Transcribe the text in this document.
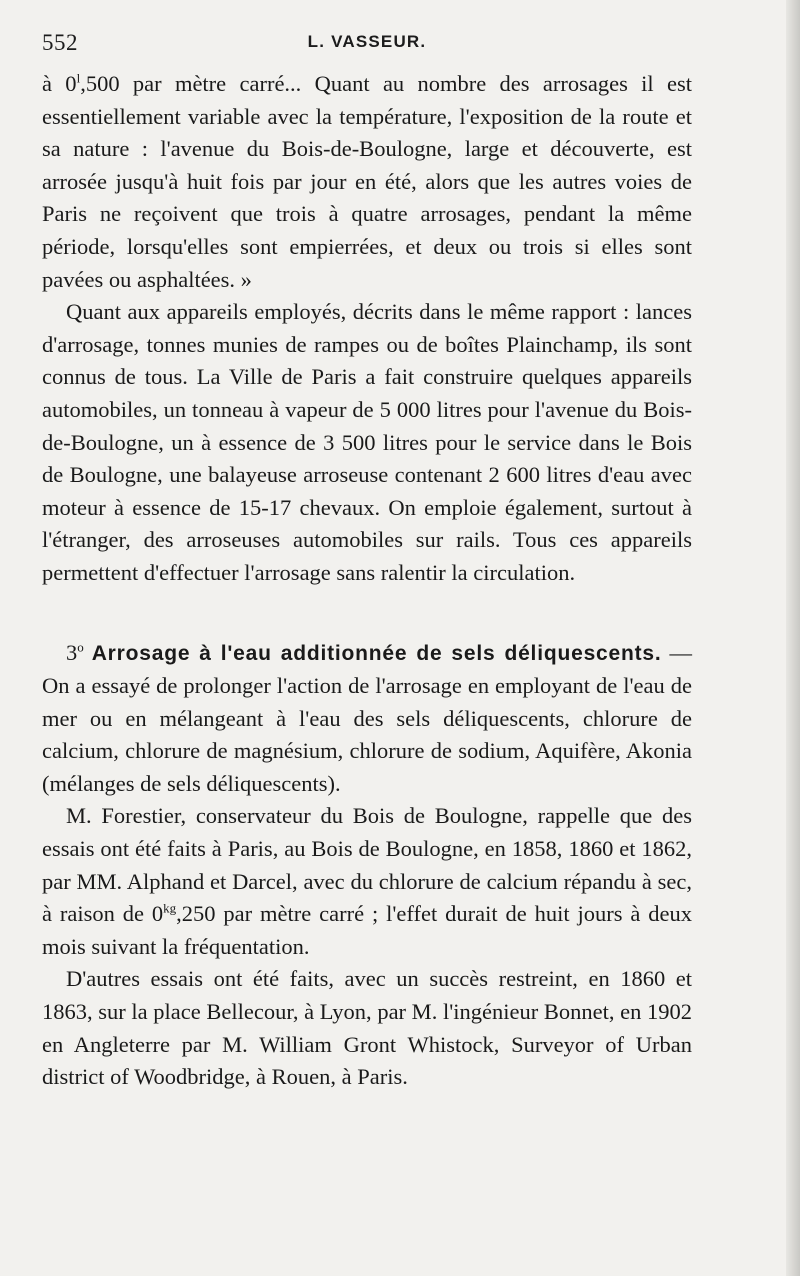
552	L. VASSEUR.

à 0$^l$,500 par mètre carré... Quant au nombre des arrosages il est essentiellement variable avec la température, l'exposition de la route et sa nature : l'avenue du Bois-de-Boulogne, large et découverte, est arrosée jusqu'à huit fois par jour en été, alors que les autres voies de Paris ne reçoivent que trois à quatre arrosages, pendant la même période, lorsqu'elles sont empierrées, et deux ou trois si elles sont pavées ou asphaltées. »

Quant aux appareils employés, décrits dans le même rapport : lances d'arrosage, tonnes munies de rampes ou de boîtes Plainchamp, ils sont connus de tous. La Ville de Paris a fait construire quelques appareils automobiles, un tonneau à vapeur de 5 000 litres pour l'avenue du Bois-de-Boulogne, un à essence de 3 500 litres pour le service dans le Bois de Boulogne, une balayeuse arroseuse contenant 2 600 litres d'eau avec moteur à essence de 15-17 chevaux. On emploie également, surtout à l'étranger, des arroseuses automobiles sur rails. Tous ces appareils permettent d'effectuer l'arrosage sans ralentir la circulation.

3$^o$ Arrosage à l'eau additionnée de sels déliquescents. — On a essayé de prolonger l'action de l'arrosage en employant de l'eau de mer ou en mélangeant à l'eau des sels déliquescents, chlorure de calcium, chlorure de magnésium, chlorure de sodium, Aquifère, Akonia (mélanges de sels déliquescents).

M. Forestier, conservateur du Bois de Boulogne, rappelle que des essais ont été faits à Paris, au Bois de Boulogne, en 1858, 1860 et 1862, par MM. Alphand et Darcel, avec du chlorure de calcium répandu à sec, à raison de $0^{kg},250$ par mètre carré ; l'effet durait de huit jours à deux mois suivant la fréquentation.

D'autres essais ont été faits, avec un succès restreint, en 1860 et 1863, sur la place Bellecour, à Lyon, par M. l'ingénieur Bonnet, en 1902 en Angleterre par M. William Gront Whistock, Surveyor of Urban district of Woodbridge, à Rouen, à Paris.
